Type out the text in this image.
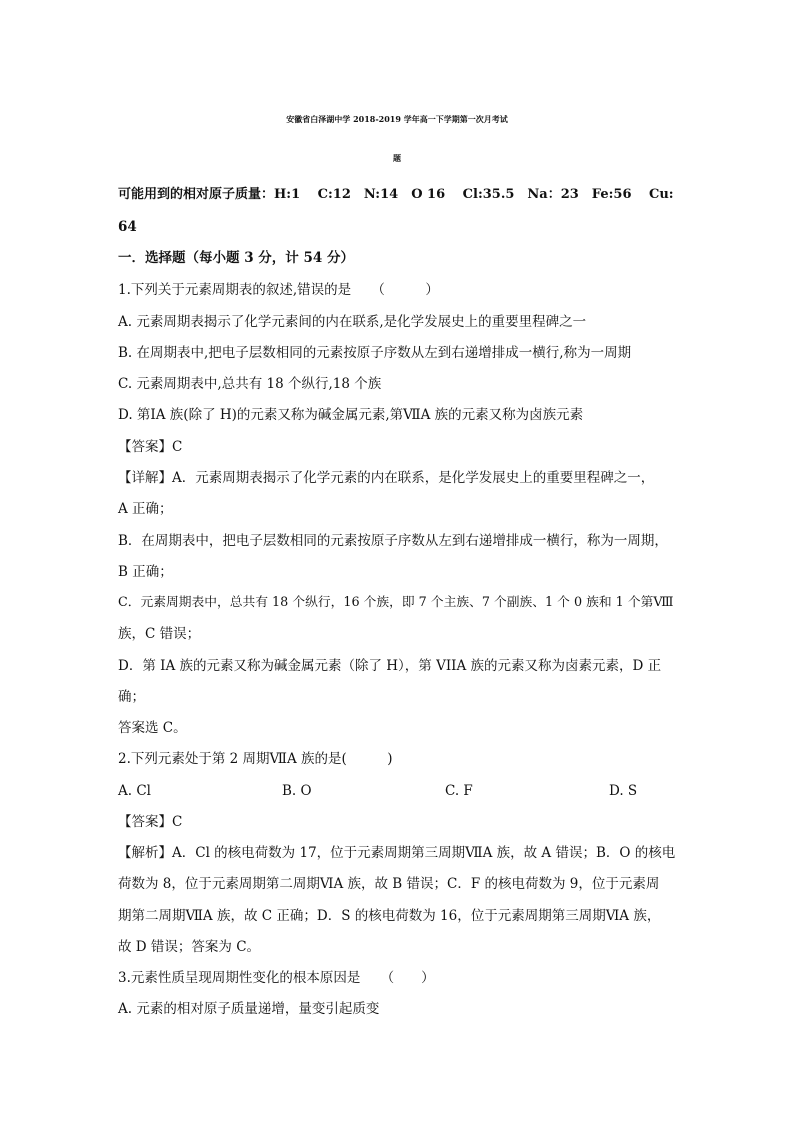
安徽省白泽湖中学 2018-2019 学年高一下学期第一次月考试
题
可能用到的相对原子质量：H:1　 C:12　N:14　O 16　 Cl:35.5　Na：23　Fe:56　 Cu:
64
一．选择题（每小题 3 分，计 54 分）
1.下列关于元素周期表的叙述,错误的是　　（　　　）
A. 元素周期表揭示了化学元素间的内在联系,是化学发展史上的重要里程碑之一
B. 在周期表中,把电子层数相同的元素按原子序数从左到右递增排成一横行,称为一周期
C. 元素周期表中,总共有 18 个纵行,18 个族
D. 第ⅠA 族(除了 H)的元素又称为碱金属元素,第ⅦA 族的元素又称为卤族元素
【答案】C
【详解】A．元素周期表揭示了化学元素的内在联系，是化学发展史上的重要里程碑之一，
A 正确；
B．在周期表中，把电子层数相同的元素按原子序数从左到右递增排成一横行，称为一周期，
B 正确；
C．元素周期表中，总共有 18 个纵行，16 个族，即 7 个主族、7 个副族、1 个 0 族和 1 个第Ⅷ
族，C 错误；
D．第 IA 族的元素又称为碱金属元素（除了 H），第 VIIA 族的元素又称为卤素元素，D 正
确；
答案选 C。
2.下列元素处于第 2 周期ⅦA 族的是(　　　)
A. Cl	B. O	C. F	D. S
【答案】C
【解析】A．Cl 的核电荷数为 17，位于元素周期第三周期ⅦA 族，故 A 错误；B．O 的核电
荷数为 8，位于元素周期第二周期ⅥA 族，故 B 错误；C．F 的核电荷数为 9，位于元素周
期第二周期ⅦA 族，故 C 正确；D．S 的核电荷数为 16，位于元素周期第三周期ⅥA 族，
故 D 错误；答案为 C。
3.元素性质呈现周期性变化的根本原因是　　（　　）
A. 元素的相对原子质量递增，量变引起质变
